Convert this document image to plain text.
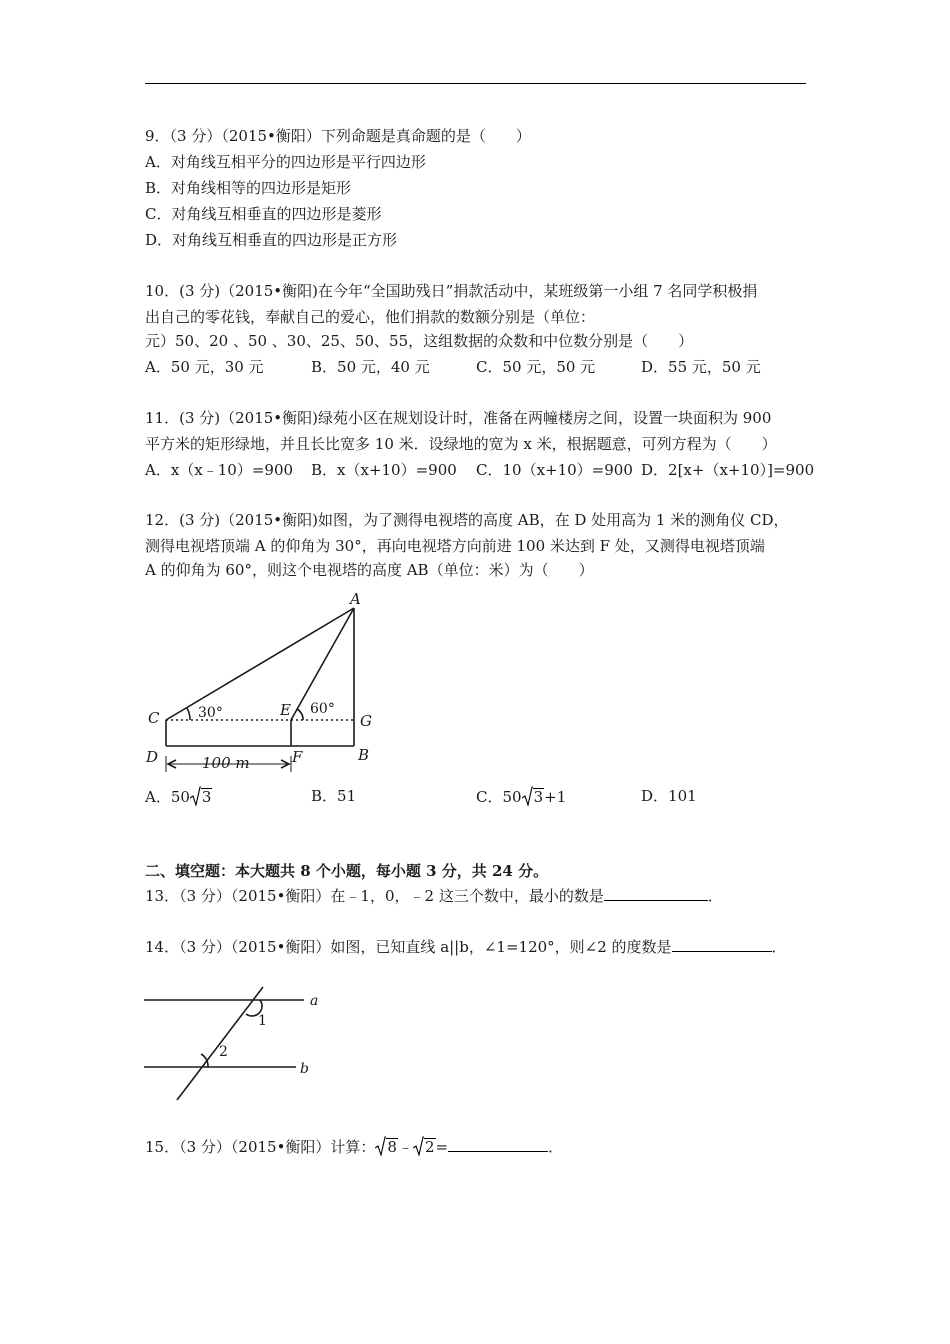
9．（3 分）（2015•衡阳）下列命题是真命题的是（　　）
A．对角线互相平分的四边形是平行四边形
B．对角线相等的四边形是矩形
C．对角线互相垂直的四边形是菱形
D．对角线互相垂直的四边形是正方形
10．(3 分)（2015•衡阳)在今年“全国助残日”捐款活动中，某班级第一小组 7 名同学积极捐
出自己的零花钱，奉献自己的爱心，他们捐款的数额分别是（单位：
元）50、20 、50 、30、25、50、55，这组数据的众数和中位数分别是（　　）
A．50 元，30 元	B．50 元，40 元	C．50 元，50 元	D．55 元，50 元
11．(3 分)（2015•衡阳)绿苑小区在规划设计时，准备在两幢楼房之间，设置一块面积为 900
平方米的矩形绿地，并且长比宽多 10 米．设绿地的宽为 x 米，根据题意，可列方程为（　　）
A．x（x﹣10）=900 B．x（x+10）=900 C．10（x+10）=900 D．2[x+（x+10）]=900
12．(3 分)（2015•衡阳)如图，为了测得电视塔的高度 AB，在 D 处用高为 1 米的测角仪 CD，
测得电视塔顶端 A 的仰角为 30°，再向电视塔方向前进 100 米达到 F 处，又测得电视塔顶端
A 的仰角为 60°，则这个电视塔的高度 AB（单位：米）为（　　）
A
C	E
G
D	F	B
100 m
30°	60°
A．50 3	B．51	C．50 3 +1	D．101
二、填空题：本大题共 8 个小题，每小题 3 分，共 24 分。
13．（3 分）（2015•衡阳）在﹣1，0，﹣2 这三个数中，最小的数是	．
14．（3 分）（2015•衡阳）如图，已知直线 a||b，∠1=120°，则∠2 的度数是	．
a
b
1
2
15．（3 分）（2015•衡阳）计算： 8 ﹣ 2 =	．
